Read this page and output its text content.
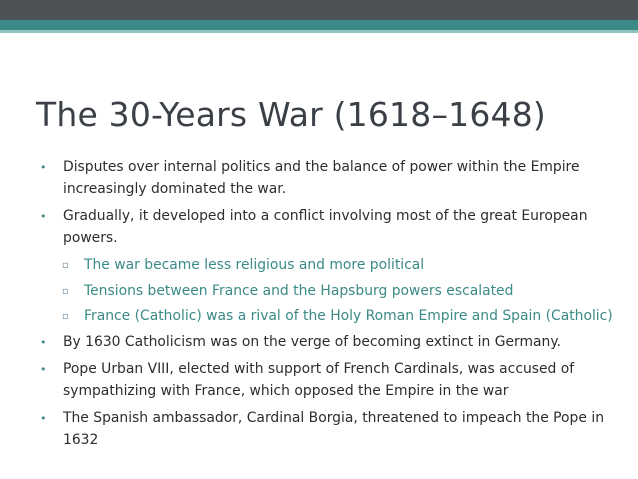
The 30-Years War (1618–1648)
• Disputes over internal politics and the balance of power within the Empire increasingly dominated the war.
• Gradually, it developed into a conflict involving most of the great European powers.
▫ The war became less religious and more political
▫ Tensions between France and the Hapsburg powers escalated
▫ France (Catholic) was a rival of the Holy Roman Empire and Spain (Catholic)
• By 1630 Catholicism was on the verge of becoming extinct in Germany.
• Pope Urban VIII, elected with support of French Cardinals, was accused of sympathizing with France, which opposed the Empire in the war
• The Spanish ambassador, Cardinal Borgia, threatened to impeach the Pope in 1632
